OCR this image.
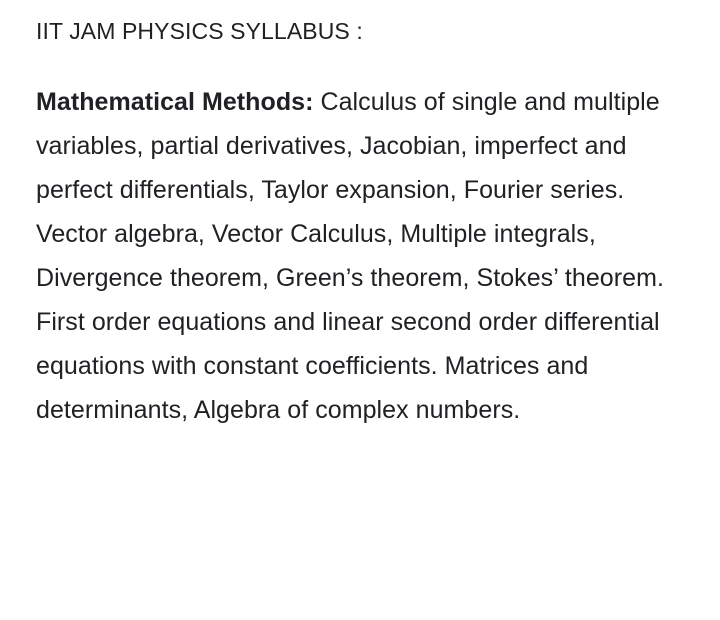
IIT JAM PHYSICS SYLLABUS :

Mathematical Methods: Calculus of single and multiple variables, partial derivatives, Jacobian, imperfect and perfect differentials, Taylor expansion, Fourier series. Vector algebra, Vector Calculus, Multiple integrals, Divergence theorem, Green’s theorem, Stokes’ theorem. First order equations and linear second order differential equations with constant coefficients. Matrices and determinants, Algebra of complex numbers.
